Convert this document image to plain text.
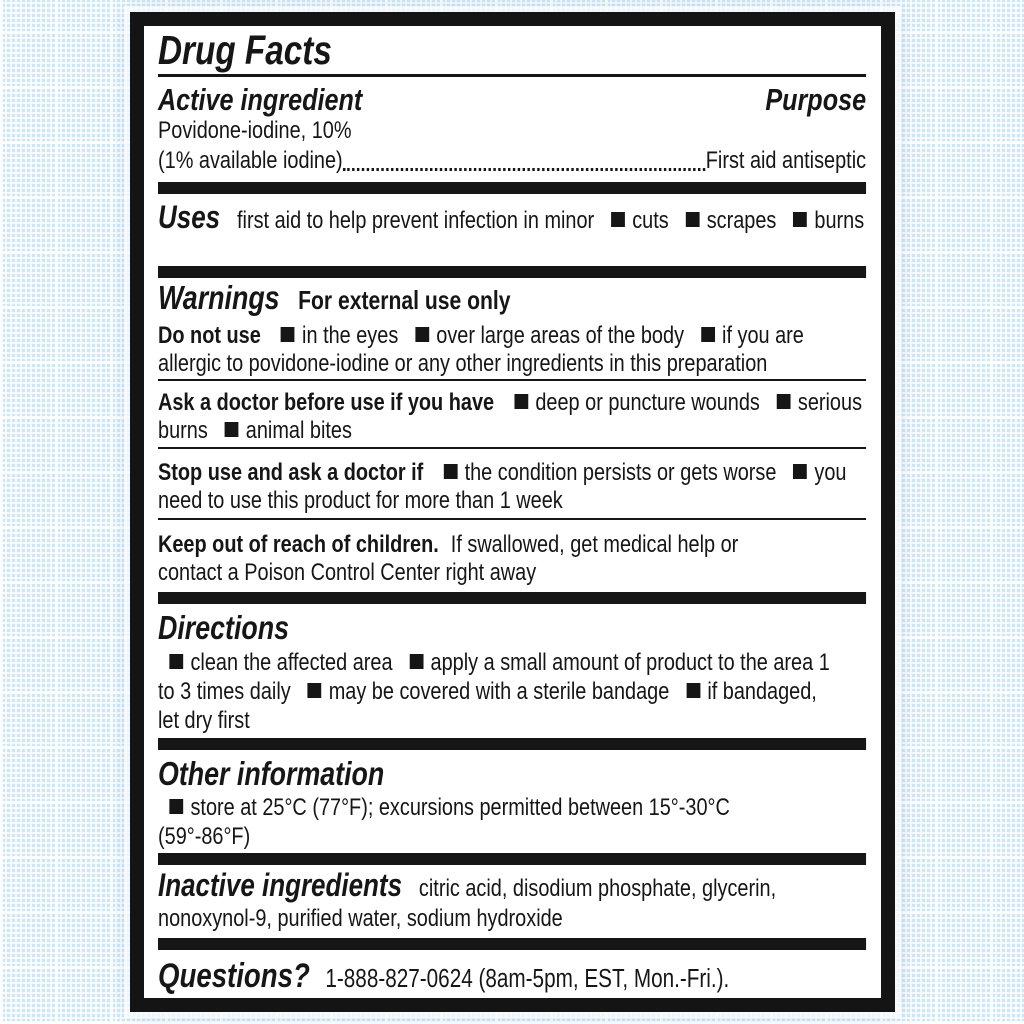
Drug Facts
Active ingredient	Purpose
Povidone-iodine, 10%
(1% available iodine)	First aid antiseptic
Uses first aid to help prevent infection in minor cuts scrapes burns
Warnings For external use only
Do not use in the eyes over large areas of the body if you are allergic to povidone-iodine or any other ingredients in this preparation
Ask a doctor before use if you have deep or puncture wounds serious burns animal bites
Stop use and ask a doctor if the condition persists or gets worse you need to use this product for more than 1 week
Keep out of reach of children. If swallowed, get medical help or contact a Poison Control Center right away
Directions
clean the affected area apply a small amount of product to the area 1 to 3 times daily may be covered with a sterile bandage if bandaged, let dry first
Other information
store at 25°C (77°F); excursions permitted between 15°-30°C (59°-86°F)
Inactive ingredients citric acid, disodium phosphate, glycerin, nonoxynol-9, purified water, sodium hydroxide
Questions? 1-888-827-0624 (8am-5pm, EST, Mon.-Fri.).
